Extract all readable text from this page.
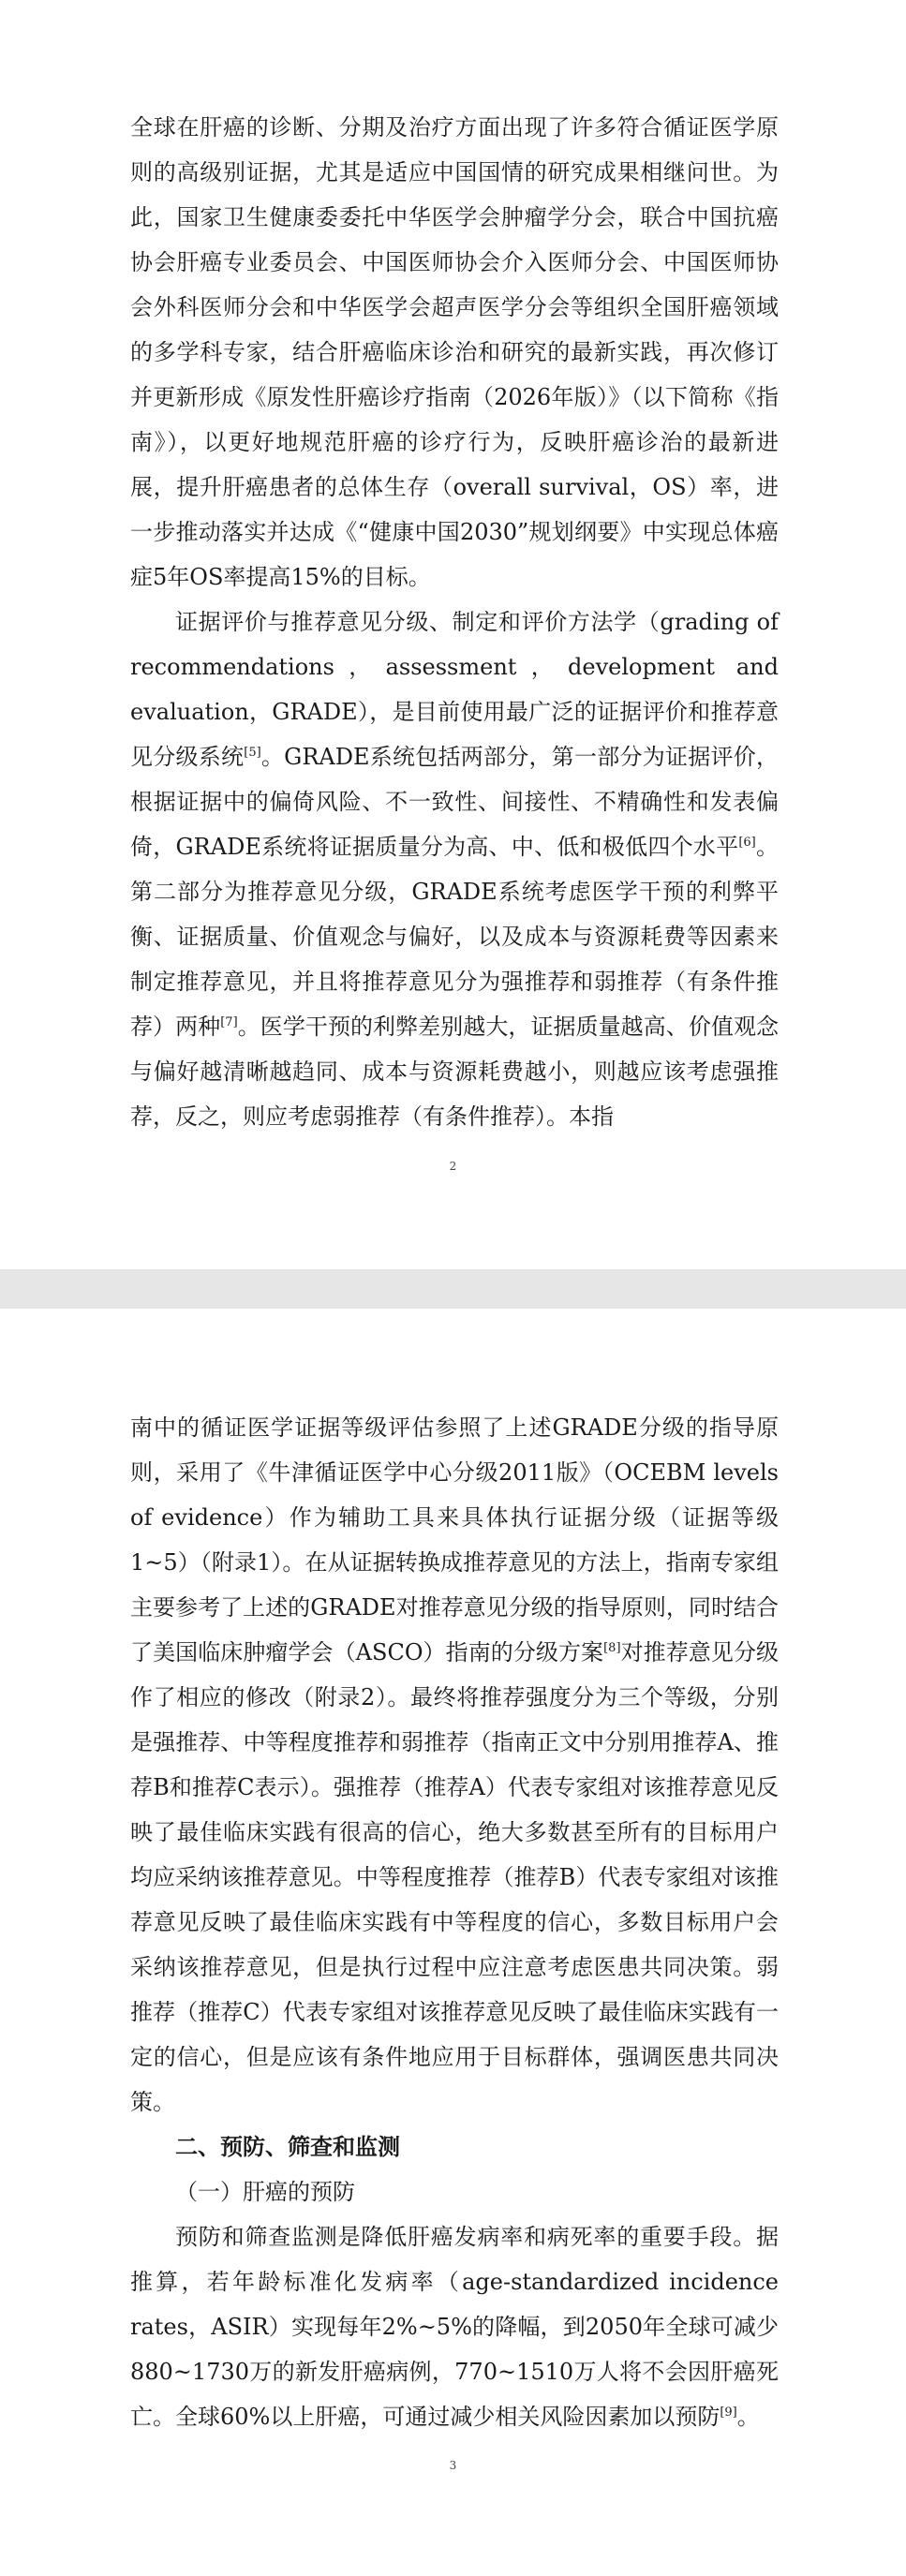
全球在肝癌的诊断、分期及治疗方面出现了许多符合循证医学原则的高级别证据，尤其是适应中国国情的研究成果相继问世。为此，国家卫生健康委委托中华医学会肿瘤学分会，联合中国抗癌协会肝癌专业委员会、中国医师协会介入医师分会、中国医师协会外科医师分会和中华医学会超声医学分会等组织全国肝癌领域的多学科专家，结合肝癌临床诊治和研究的最新实践，再次修订并更新形成《原发性肝癌诊疗指南（2026年版）》（以下简称《指南》），以更好地规范肝癌的诊疗行为，反映肝癌诊治的最新进展，提升肝癌患者的总体生存（overall survival，OS）率，进一步推动落实并达成《“健康中国2030”规划纲要》中实现总体癌症5年OS率提高15%的目标。

证据评价与推荐意见分级、制定和评价方法学（grading of recommendations，assessment，development and evaluation，GRADE），是目前使用最广泛的证据评价和推荐意见分级系统[5]。GRADE系统包括两部分，第一部分为证据评价，根据证据中的偏倚风险、不一致性、间接性、不精确性和发表偏倚，GRADE系统将证据质量分为高、中、低和极低四个水平[6]。第二部分为推荐意见分级，GRADE系统考虑医学干预的利弊平衡、证据质量、价值观念与偏好，以及成本与资源耗费等因素来制定推荐意见，并且将推荐意见分为强推荐和弱推荐（有条件推荐）两种[7]。医学干预的利弊差别越大，证据质量越高、价值观念与偏好越清晰越趋同、成本与资源耗费越小，则越应该考虑强推荐，反之，则应考虑弱推荐（有条件推荐）。本指

2

南中的循证医学证据等级评估参照了上述GRADE分级的指导原则，采用了《牛津循证医学中心分级2011版》（OCEBM levels of evidence）作为辅助工具来具体执行证据分级（证据等级1~5）（附录1）。在从证据转换成推荐意见的方法上，指南专家组主要参考了上述的GRADE对推荐意见分级的指导原则，同时结合了美国临床肿瘤学会（ASCO）指南的分级方案[8]对推荐意见分级作了相应的修改（附录2）。最终将推荐强度分为三个等级，分别是强推荐、中等程度推荐和弱推荐（指南正文中分别用推荐A、推荐B和推荐C表示）。强推荐（推荐A）代表专家组对该推荐意见反映了最佳临床实践有很高的信心，绝大多数甚至所有的目标用户均应采纳该推荐意见。中等程度推荐（推荐B）代表专家组对该推荐意见反映了最佳临床实践有中等程度的信心，多数目标用户会采纳该推荐意见，但是执行过程中应注意考虑医患共同决策。弱推荐（推荐C）代表专家组对该推荐意见反映了最佳临床实践有一定的信心，但是应该有条件地应用于目标群体，强调医患共同决策。

二、预防、筛查和监测

（一）肝癌的预防

预防和筛查监测是降低肝癌发病率和病死率的重要手段。据推算，若年龄标准化发病率（age-standardized incidence rates，ASIR）实现每年2%~5%的降幅，到2050年全球可减少880~1730万的新发肝癌病例，770~1510万人将不会因肝癌死亡。全球60%以上肝癌，可通过减少相关风险因素加以预防[9]。

3
